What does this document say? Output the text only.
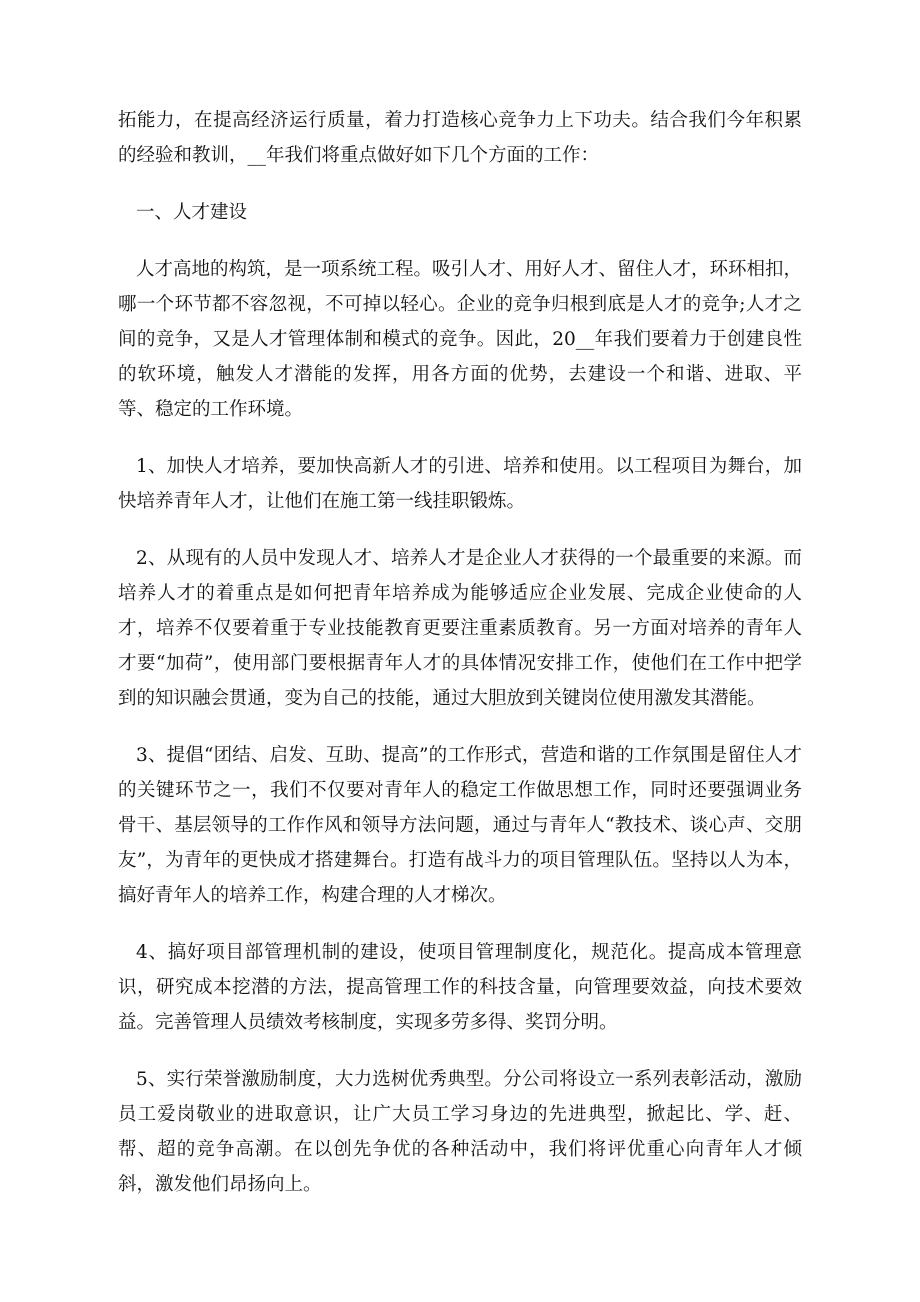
拓能力，在提高经济运行质量，着力打造核心竞争力上下功夫。结合我们今年积累的经验和教训，__年我们将重点做好如下几个方面的工作：

一、人才建设

人才高地的构筑，是一项系统工程。吸引人才、用好人才、留住人才，环环相扣，哪一个环节都不容忽视，不可掉以轻心。企业的竞争归根到底是人才的竞争;人才之间的竞争，又是人才管理体制和模式的竞争。因此，20__年我们要着力于创建良性的软环境，触发人才潜能的发挥，用各方面的优势，去建设一个和谐、进取、平等、稳定的工作环境。

1、加快人才培养，要加快高新人才的引进、培养和使用。以工程项目为舞台，加快培养青年人才，让他们在施工第一线挂职锻炼。

2、从现有的人员中发现人才、培养人才是企业人才获得的一个最重要的来源。而培养人才的着重点是如何把青年培养成为能够适应企业发展、完成企业使命的人才，培养不仅要着重于专业技能教育更要注重素质教育。另一方面对培养的青年人才要“加荷”，使用部门要根据青年人才的具体情况安排工作，使他们在工作中把学到的知识融会贯通，变为自己的技能，通过大胆放到关键岗位使用激发其潜能。

3、提倡“团结、启发、互助、提高”的工作形式，营造和谐的工作氛围是留住人才的关键环节之一，我们不仅要对青年人的稳定工作做思想工作，同时还要强调业务骨干、基层领导的工作作风和领导方法问题，通过与青年人“教技术、谈心声、交朋友”，为青年的更快成才搭建舞台。打造有战斗力的项目管理队伍。坚持以人为本，搞好青年人的培养工作，构建合理的人才梯次。

4、搞好项目部管理机制的建设，使项目管理制度化，规范化。提高成本管理意识，研究成本挖潜的方法，提高管理工作的科技含量，向管理要效益，向技术要效益。完善管理人员绩效考核制度，实现多劳多得、奖罚分明。

5、实行荣誉激励制度，大力选树优秀典型。分公司将设立一系列表彰活动，激励员工爱岗敬业的进取意识，让广大员工学习身边的先进典型，掀起比、学、赶、帮、超的竞争高潮。在以创先争优的各种活动中，我们将评优重心向青年人才倾斜，激发他们昂扬向上。
